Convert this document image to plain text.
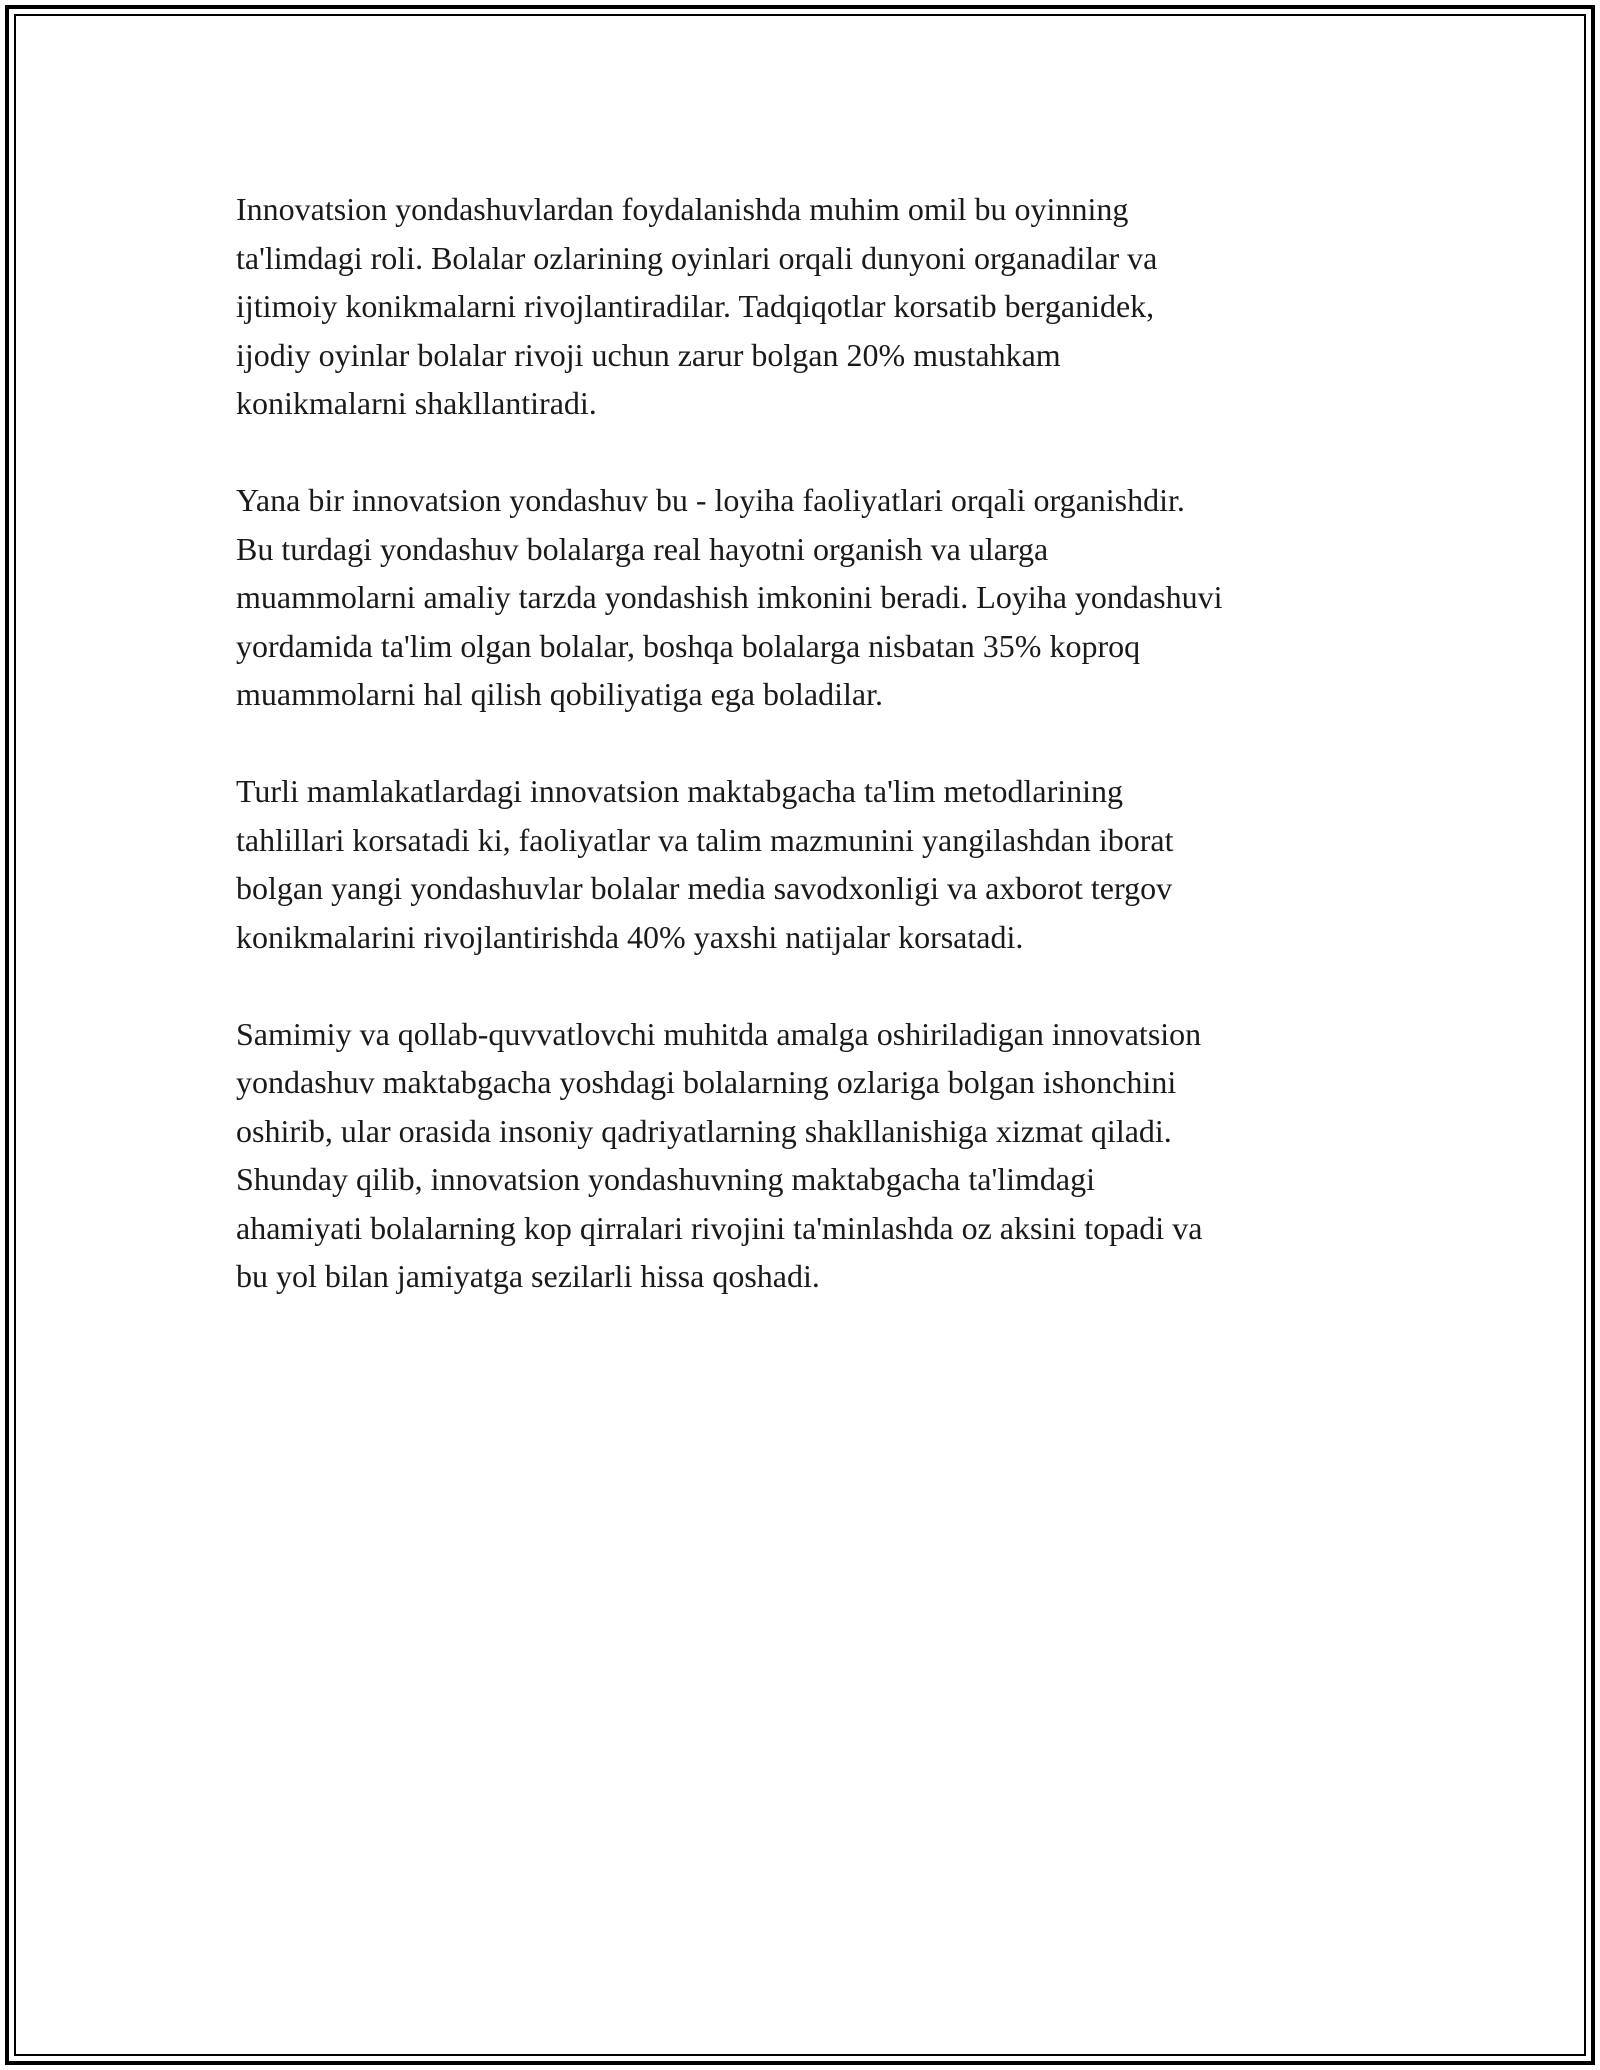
Innovatsion yondashuvlardan foydalanishda muhim omil bu oyinning
ta'limdagi roli. Bolalar ozlarining oyinlari orqali dunyoni organadilar va
ijtimoiy konikmalarni rivojlantiradilar. Tadqiqotlar korsatib berganidek,
ijodiy oyinlar bolalar rivoji uchun zarur bolgan 20% mustahkam
konikmalarni shakllantiradi.

Yana bir innovatsion yondashuv bu - loyiha faoliyatlari orqali organishdir.
Bu turdagi yondashuv bolalarga real hayotni organish va ularga
muammolarni amaliy tarzda yondashish imkonini beradi. Loyiha yondashuvi
yordamida ta'lim olgan bolalar, boshqa bolalarga nisbatan 35% koproq
muammolarni hal qilish qobiliyatiga ega boladilar.

Turli mamlakatlardagi innovatsion maktabgacha ta'lim metodlarining
tahlillari korsatadi ki, faoliyatlar va talim mazmunini yangilashdan iborat
bolgan yangi yondashuvlar bolalar media savodxonligi va axborot tergov
konikmalarini rivojlantirishda 40% yaxshi natijalar korsatadi.

Samimiy va qollab-quvvatlovchi muhitda amalga oshiriladigan innovatsion
yondashuv maktabgacha yoshdagi bolalarning ozlariga bolgan ishonchini
oshirib, ular orasida insoniy qadriyatlarning shakllanishiga xizmat qiladi.
Shunday qilib, innovatsion yondashuvning maktabgacha ta'limdagi
ahamiyati bolalarning kop qirralari rivojini ta'minlashda oz aksini topadi va
bu yol bilan jamiyatga sezilarli hissa qoshadi.
